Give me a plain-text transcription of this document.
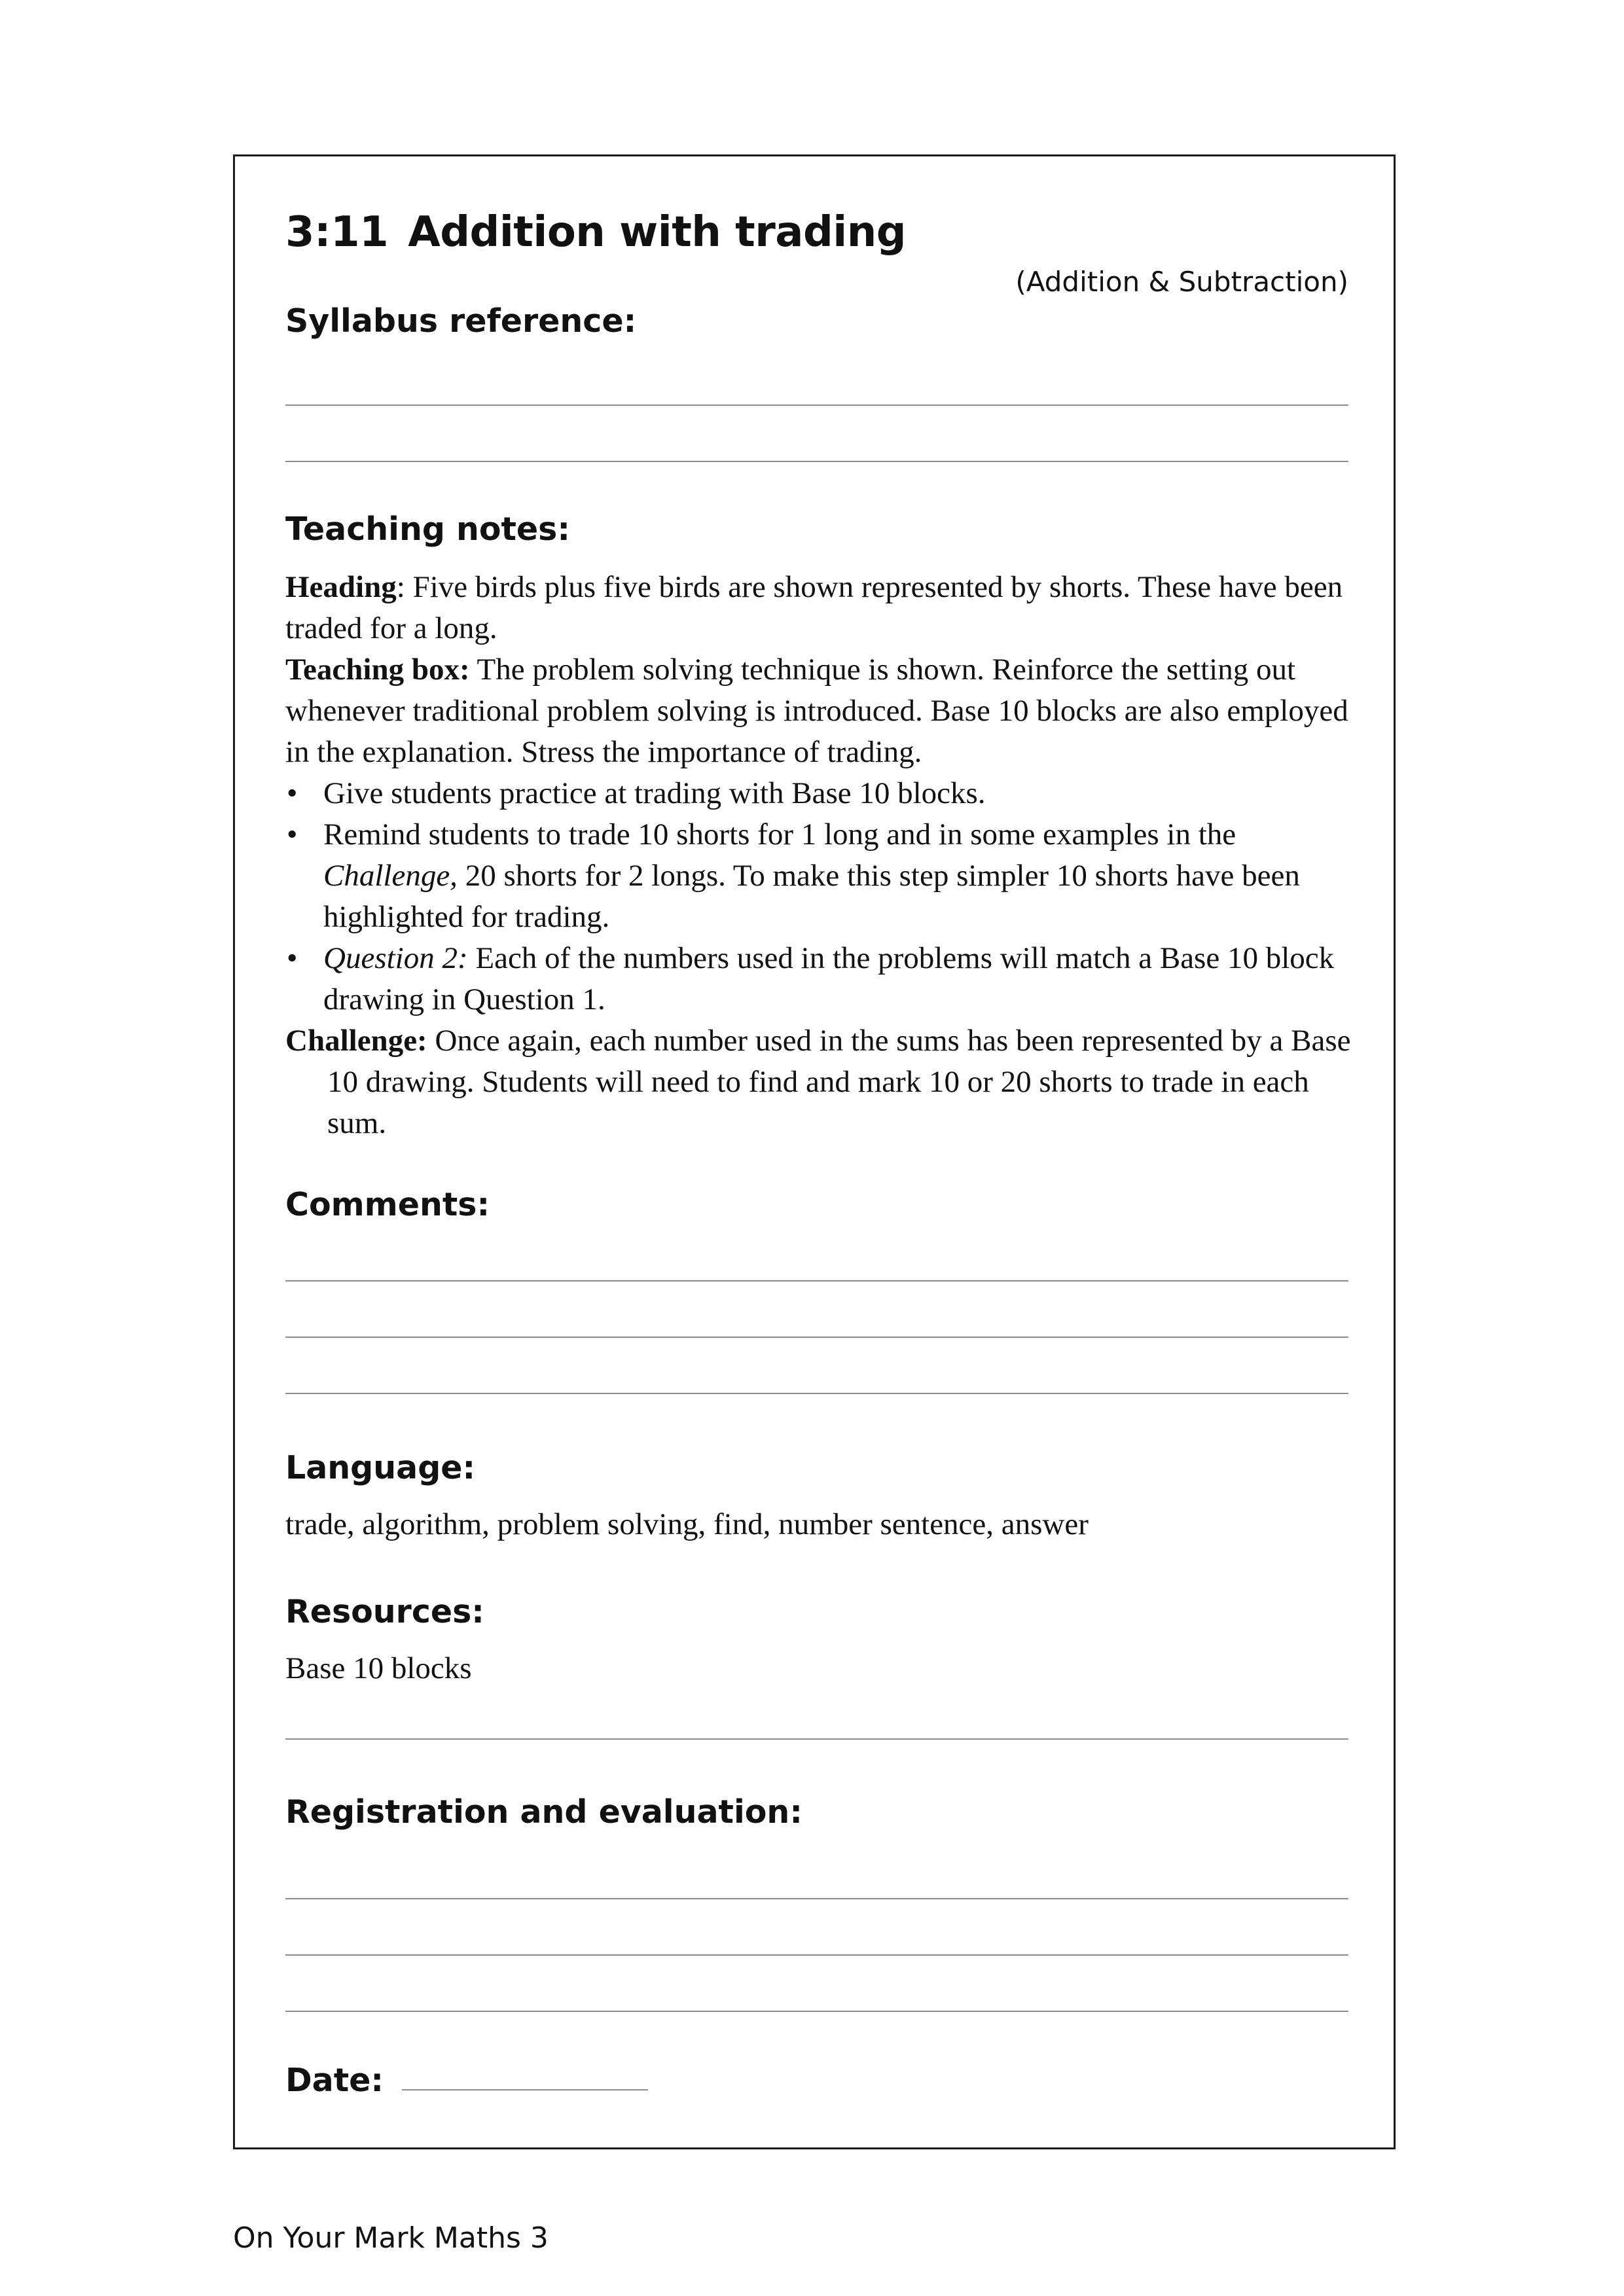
3:11 Addition with trading
(Addition & Subtraction)
Syllabus reference:
Teaching notes:

Heading: Five birds plus five birds are shown represented by shorts. These have been traded for a long.

Teaching box: The problem solving technique is shown. Reinforce the setting out whenever traditional problem solving is introduced. Base 10 blocks are also employed in the explanation. Stress the importance of trading.

• Give students practice at trading with Base 10 blocks.

• Remind students to trade 10 shorts for 1 long and in some examples in the Challenge, 20 shorts for 2 longs. To make this step simpler 10 shorts have been highlighted for trading.

• Question 2: Each of the numbers used in the problems will match a Base 10 block drawing in Question 1.

Challenge: Once again, each number used in the sums has been represented by a Base 10 drawing. Students will need to find and mark 10 or 20 shorts to trade in each sum.

Comments:
Language:
trade, algorithm, problem solving, find, number sentence, answer
Resources:
Base 10 blocks
Registration and evaluation:
Date:
On Your Mark Maths 3
